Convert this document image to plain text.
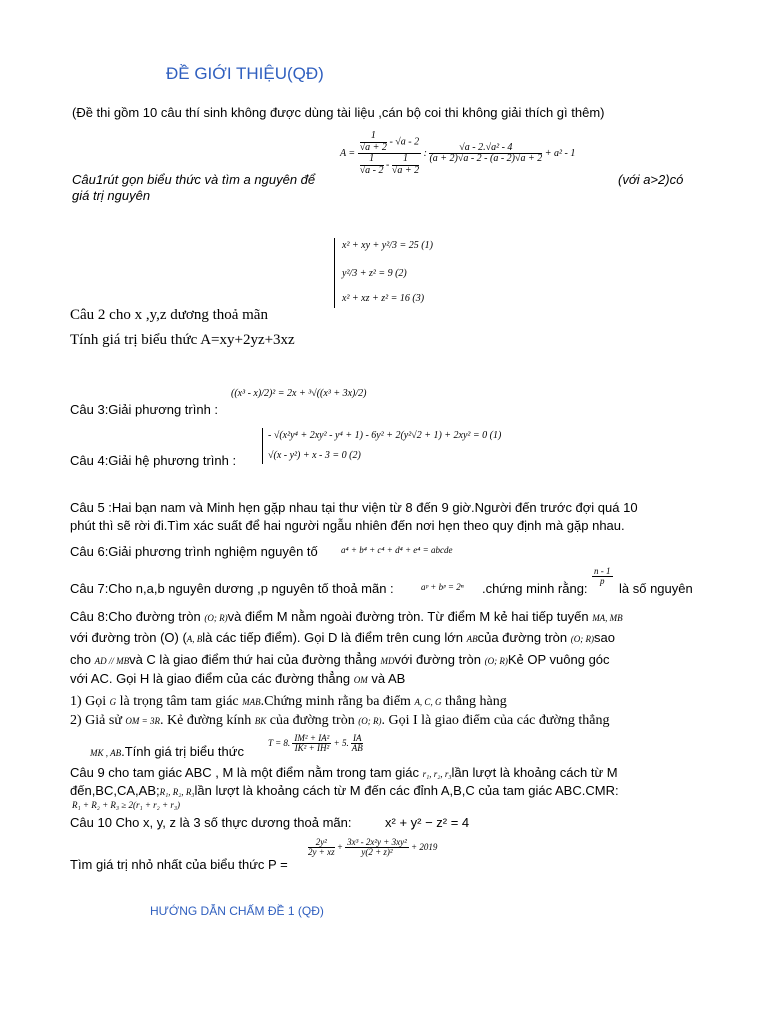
ĐỀ GIỚI THIỆU(QĐ)
(Đề thi gồm 10 câu thí sinh không được dùng tài liệu ,cán bộ coi thi không giải thích gì thêm)
$A = \frac{\frac{1}{√a + 2} - √a - 2}{\frac{1}{√a - 2} - \frac{1}{√a + 2}}$ : $\frac{\text{√a - 2.√a² - 4}}{(a + 2)√a - 2 - (a - 2)√a + 2} + a^2 - 1$
Câu1rút gọn biểu thức và tìm a nguyên để	(với a>2)có
giá trị nguyên
x² + xy + y²/3 = 25 (1)
y²/3 + z² = 9 (2)
x² + xz + z² = 16 (3)
Câu 2 cho x ,y,z dương thoả mãn
Tính giá trị biểu thức A=xy+2yz+3xz
Câu 3:Giải phương trình :
((x³ - x)/2)² = 2x + ³√((x³ + 3x)/2)
- √(x²y⁴ + 2xy² - y⁴ + 1) - 6y² + 2(y²√2 + 1) + 2xy² = 0 (1)
√(x - y²) + x - 3 = 0 (2)
Câu 4:Giải hệ phương trình :
Câu 5 :Hai bạn nam và Minh hẹn gặp nhau tại thư viện từ 8 đến 9 giờ.Người đến trước đợi quá 10
phút thì sẽ rời đi.Tìm xác suất để hai người ngẫu nhiên đến nơi hẹn theo quy định mà gặp nhau.
Câu 6:Giải phương trình nghiệm nguyên tố	a⁴ + b⁴ + c⁴ + d⁴ + e⁴ = abcde
Câu 7:Cho n,a,b nguyên dương ,p nguyên tố thoả mãn :	aᵖ + bᵖ = 2ⁿ .chứng minh rằng:
$\frac{n - 1}{p}$
là số nguyên
Câu 8:Cho đường tròn (O; R)và điểm M nằm ngoài đường tròn. Từ điểm M kẻ hai tiếp tuyến MA, MB
với đường tròn (O) (A, Blà các tiếp điểm). Gọi D là điểm trên cung lớn ABcủa đường tròn (O; R)sao
cho AD // MBvà C là giao điểm thứ hai của đường thẳng MDvới đường tròn (O; R)Kẻ OP vuông góc
với AC. Gọi H là giao điểm của các đường thẳng OM và AB
1) Gọi G là trọng tâm tam giác MAB.Chứng minh rằng ba điểm A, C, G thẳng hàng
2) Giả sử OM = 3R. Kẻ đường kính BK của đường tròn (O; R). Gọi I là giao điểm của các đường thẳng
MK , AB.Tính giá trị biểu thức
T = 8. $\frac{\text{IM² + IA²}}{\text{IK² + IH²}} + 5$. $\frac{IA}{AB}$
Câu 9 cho tam giác ABC , M là một điểm nằm trong tam giác r₁, r₂, r₃lần lượt là khoảng cách từ M
đến,BC,CA,AB;R₁, R₂, R₃lần lượt là khoảng cách từ M đến các đỉnh A,B,C của tam giác ABC.CMR:
R₁ + R₂ + R₃ ≥ 2(r₁ + r₂ + r₃)
Câu 10 Cho x, y, z là 3 số thực dương thoả mãn:	x² + y² − z² = 4
Tìm giá trị nhỏ nhất của biểu thức P =
$\frac{\text{2y²}}{2y + xz} + \frac{\text{3x³ - 2x²y + 3xy²}}{\text{y(2 + z)²}} + 2019$
HƯỚNG DẪN CHẤM ĐỀ 1 (QĐ)
